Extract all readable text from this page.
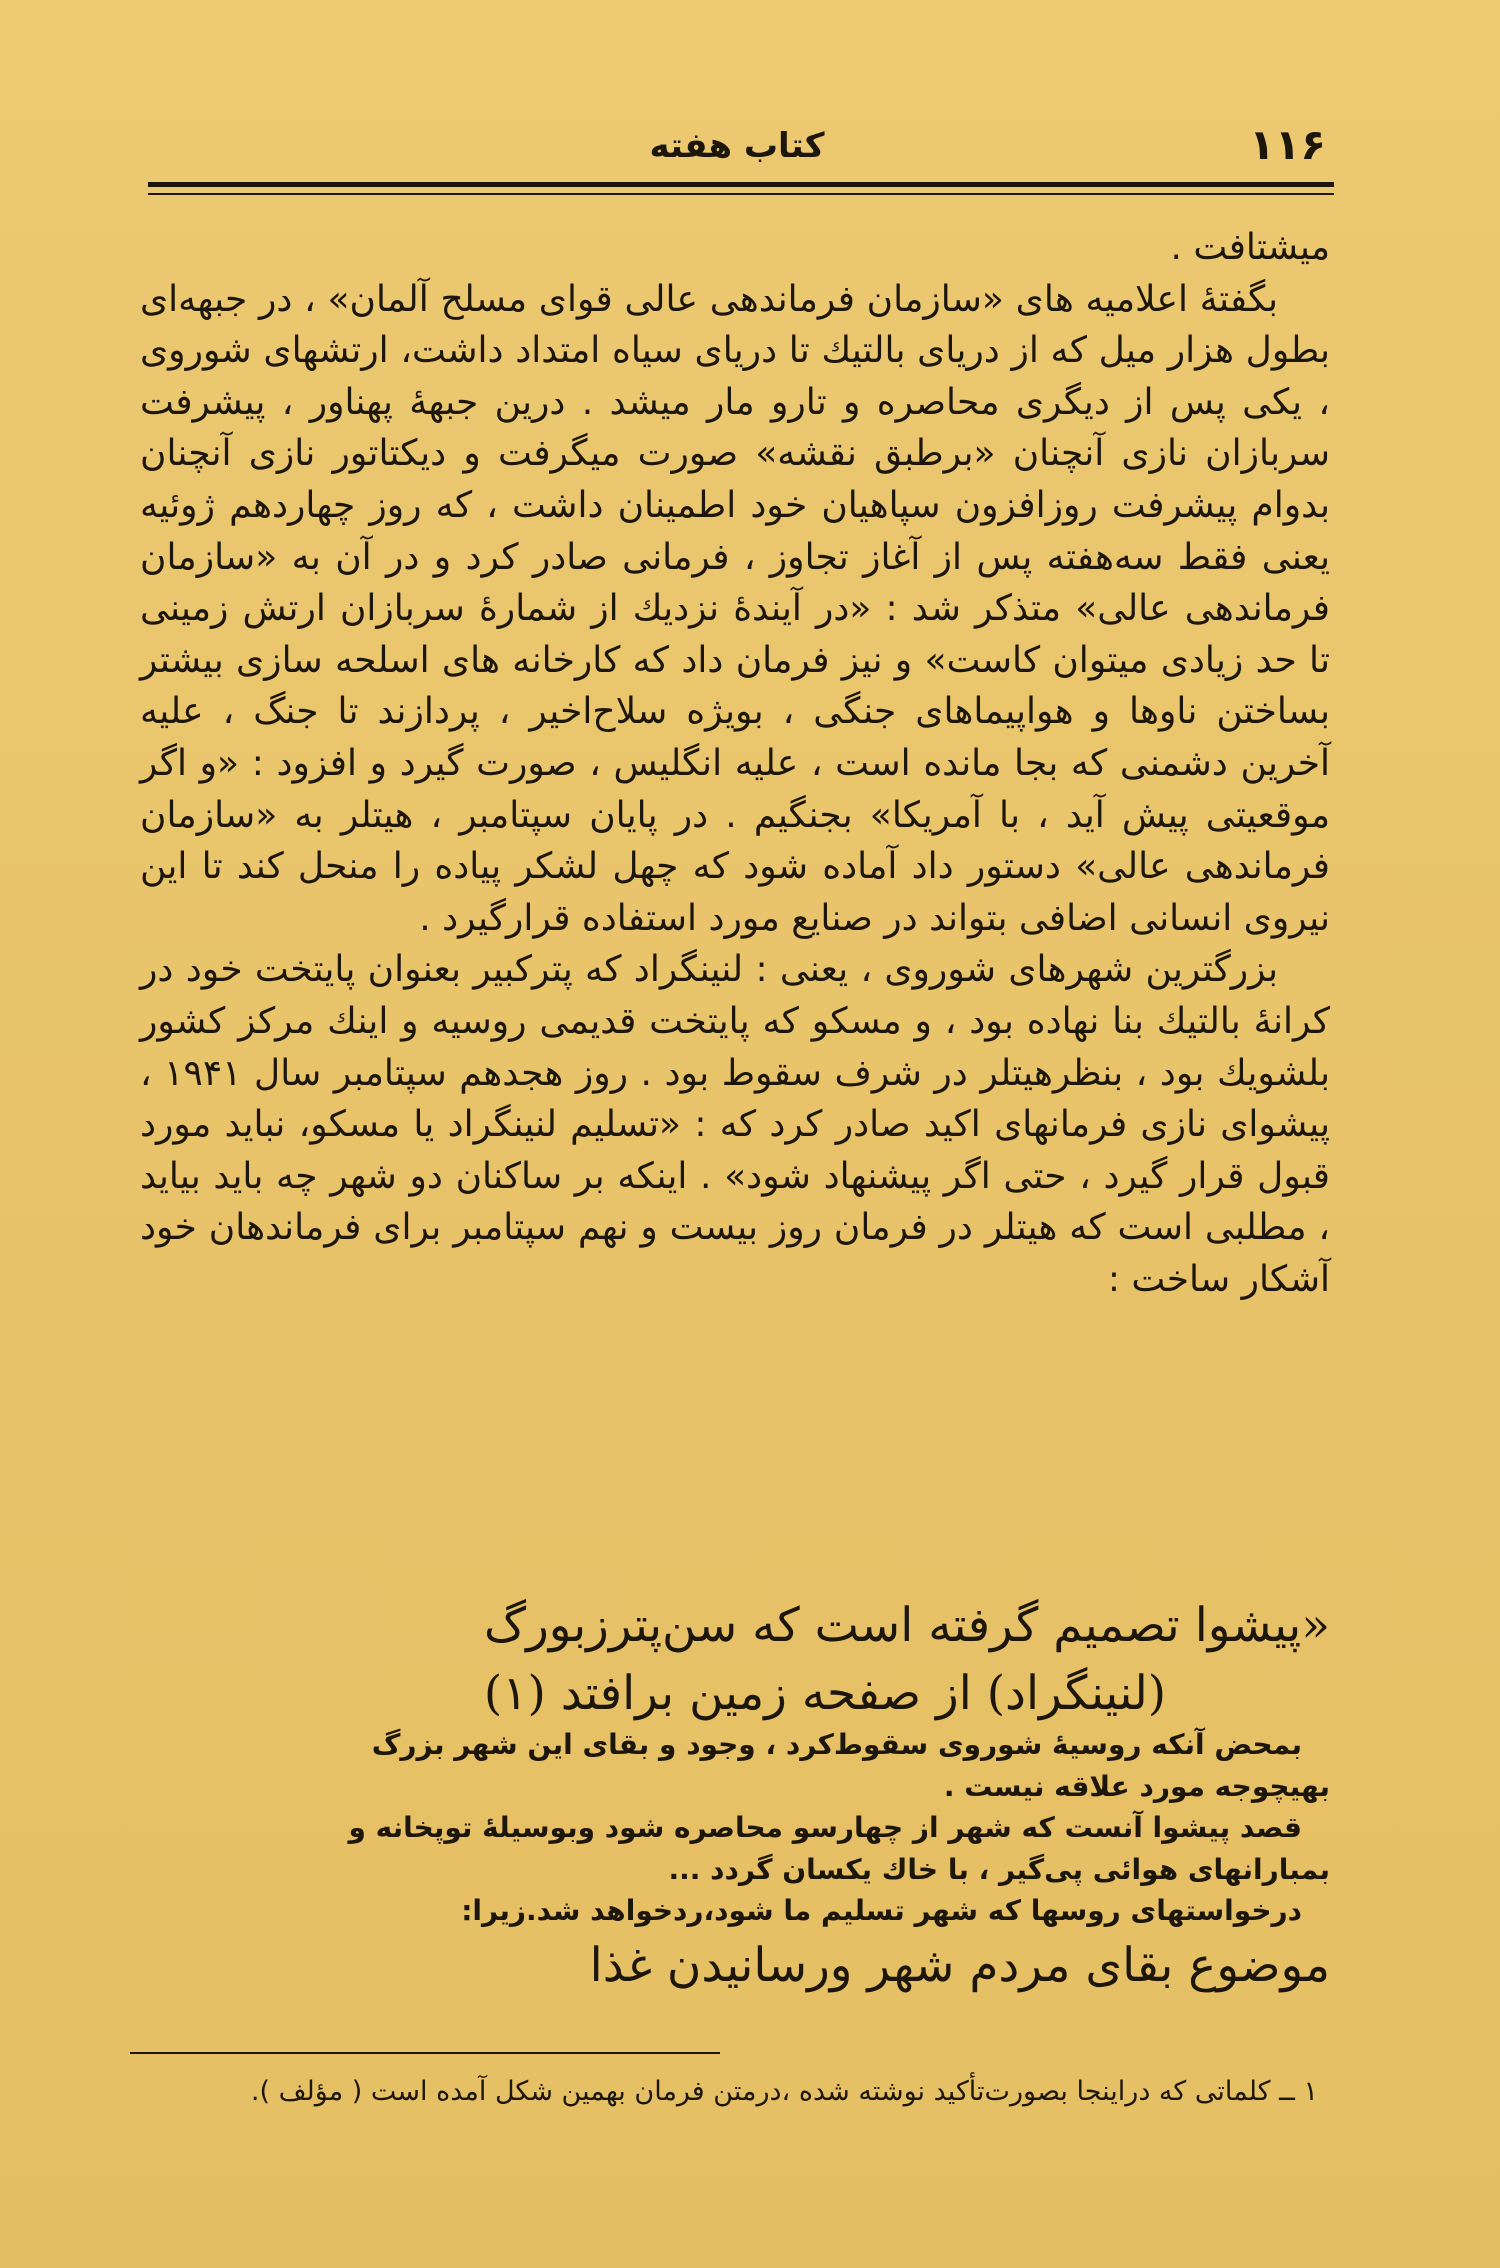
۱۱۶
کتاب هفته

میشتافت .

بگفتهٔ اعلامیه های «سازمان فرماندهی عالی قوای مسلح آلمان» ، در جبهه‌ای بطول هزار میل که از دریای بالتیك تا دریای سیاه امتداد داشت، ارتشهای شوروی ، یکی پس از دیگری محاصره و تارو مار میشد . درین جبههٔ پهناور ، پیشرفت سربازان نازی آنچنان «برطبق نقشه» صورت میگرفت و دیکتاتور نازی آنچنان بدوام پیشرفت روزافزون سپاهیان خود اطمینان داشت ، که روز چهاردهم ژوئیه یعنی فقط سه‌هفته پس از آغاز تجاوز ، فرمانی صادر کرد و در آن به «سازمان فرماندهی عالی» متذکر شد : «در آیندهٔ نزدیك از شمارهٔ سربازان ارتش زمینی تا حد زیادی میتوان کاست» و نیز فرمان داد که کارخانه های اسلحه سازی بیشتر بساختن ناوها و هواپیماهای جنگی ، بویژه سلاح‌اخیر ، پردازند تا جنگ ، علیه آخرین دشمنی که بجا مانده است ، علیه انگلیس ، صورت گیرد و افزود : «و اگر موقعیتی پیش آید ، با آمریکا» بجنگیم . در پایان سپتامبر ، هیتلر به «سازمان فرماندهی عالی» دستور داد آماده شود که چهل لشکر پیاده را منحل کند تا این نیروی انسانی اضافی بتواند در صنایع مورد استفاده قرارگیرد .

بزرگترین شهرهای شوروی ، یعنی : لنینگراد که پترکبیر بعنوان پایتخت خود در کرانهٔ بالتیك بنا نهاده بود ، و مسکو که پایتخت قدیمی روسیه و اینك مرکز کشور بلشویك بود ، بنظرهیتلر در شرف سقوط بود . روز هجدهم سپتامبر سال ۱۹۴۱ ، پیشوای نازی فرمانهای اکید صادر کرد که : «تسلیم لنینگراد یا مسکو، نباید مورد قبول قرار گیرد ، حتی اگر پیشنهاد شود» . اینکه بر ساکنان دو شهر چه باید بیاید ، مطلبی است که هیتلر در فرمان روز بیست و نهم سپتامبر برای فرماندهان خود آشکار ساخت :

«پیشوا تصمیم گرفته است که سن‌پترزبورگ

(لنینگراد) از صفحه زمین برافتد (۱)

بمحض آنکه روسیهٔ شوروی سقوط‌کرد ، وجود و بقای این شهر بزرگ بهیچوجه مورد علاقه نیست .

قصد پیشوا آنست که شهر از چهارسو محاصره شود وبوسیلهٔ توپخانه و بمبارانهای هوائی پی‌گیر ، با خاك یکسان گردد ...

درخواستهای روسها که شهر تسلیم ما شود،ردخواهد شد.زیرا:

موضوع بقای مردم شهر ورسانیدن غذا

۱ ــ کلماتی که دراینجا بصورت‌تأکید نوشته شده ،درمتن فرمان بهمین شکل آمده است ( مؤلف ).
